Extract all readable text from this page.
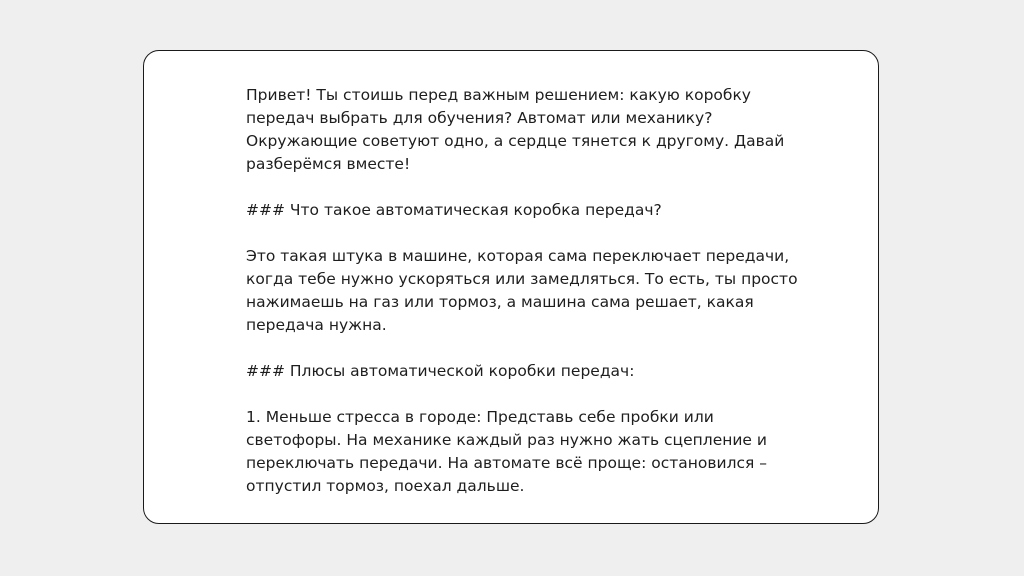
Привет! Ты стоишь перед важным решением: какую коробку передач выбрать для обучения? Автомат или механику? Окружающие советуют одно, а сердце тянется к другому. Давай разберёмся вместе!

### Что такое автоматическая коробка передач?

Это такая штука в машине, которая сама переключает передачи, когда тебе нужно ускоряться или замедляться. То есть, ты просто нажимаешь на газ или тормоз, а машина сама решает, какая передача нужна.

### Плюсы автоматической коробки передач:

1. Меньше стресса в городе: Представь себе пробки или светофоры. На механике каждый раз нужно жать сцепление и переключать передачи. На автомате всё проще: остановился – отпустил тормоз, поехал дальше.
